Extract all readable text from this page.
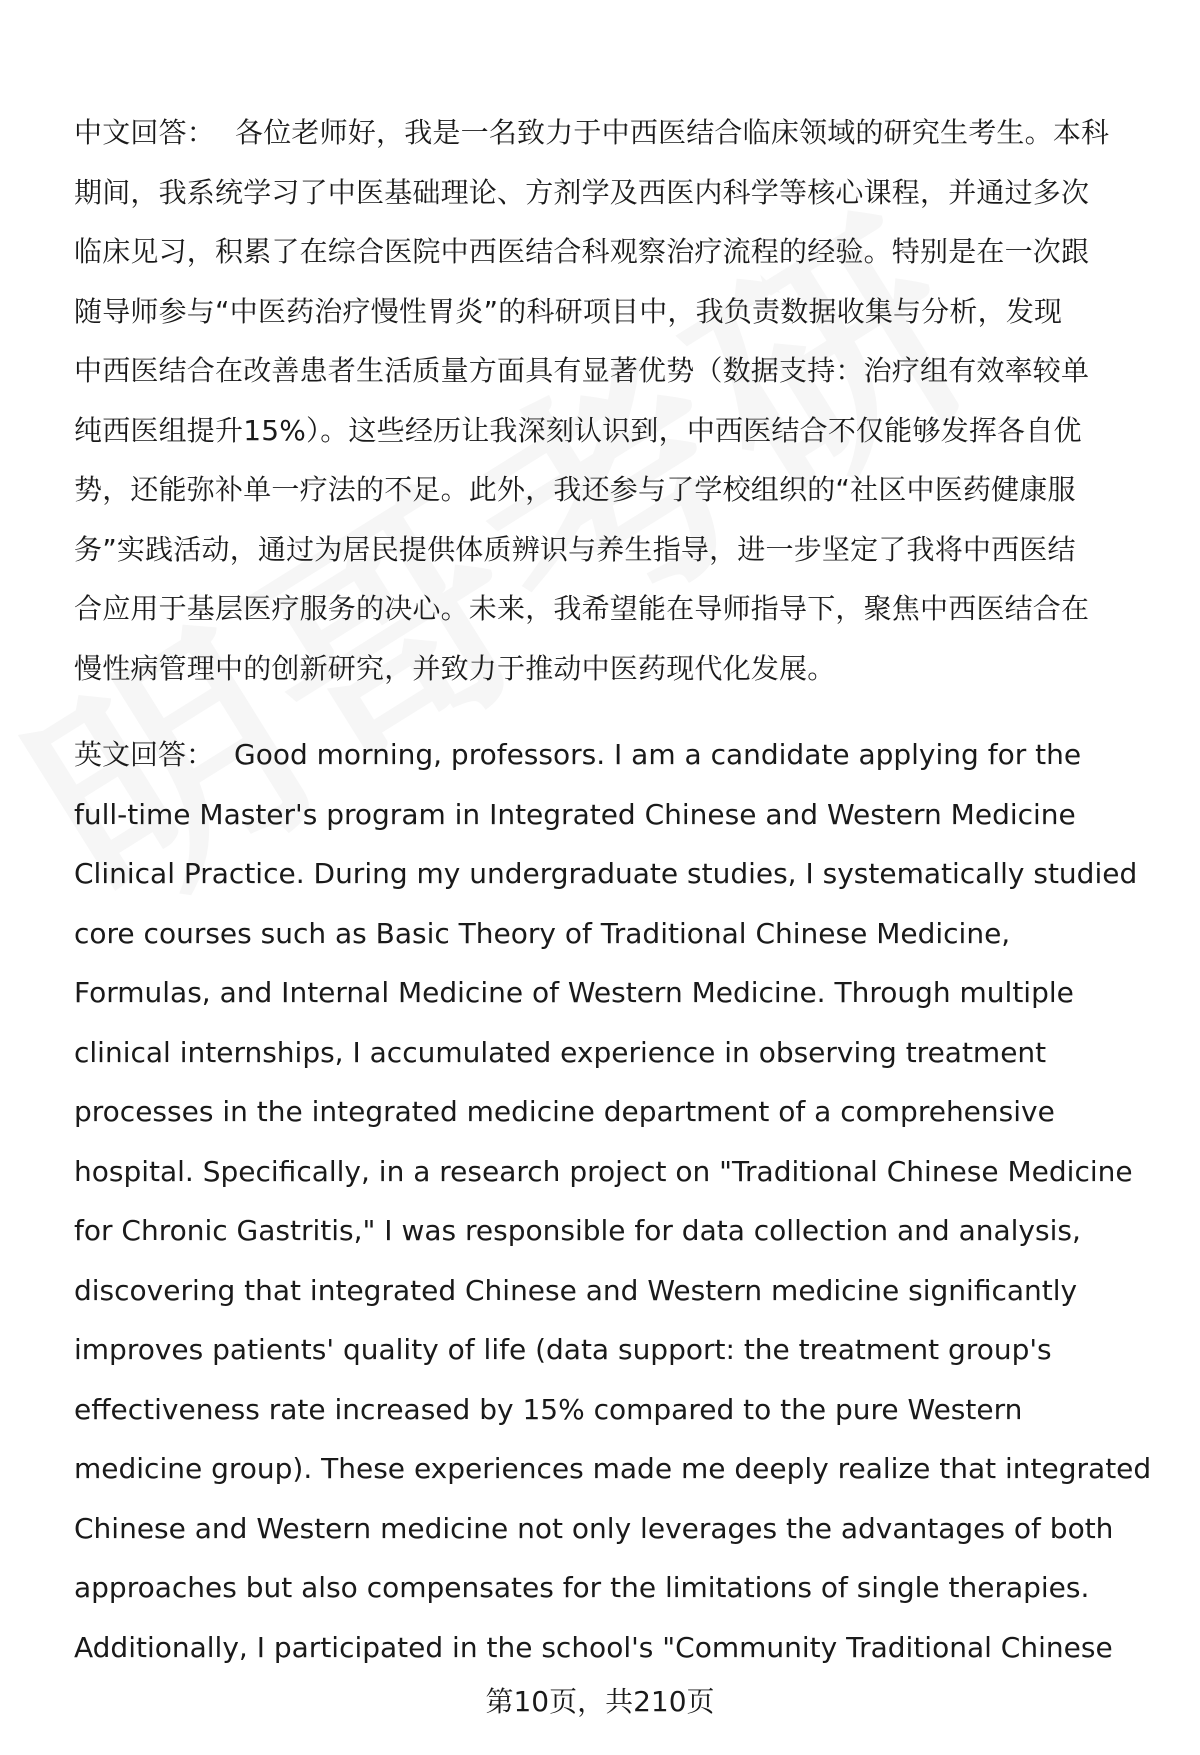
中文回答： 各位老师好，我是一名致力于中西医结合临床领域的研究生考生。本科
期间，我系统学习了中医基础理论、方剂学及西医内科学等核心课程，并通过多次
临床见习，积累了在综合医院中西医结合科观察治疗流程的经验。特别是在一次跟
随导师参与“中医药治疗慢性胃炎”的科研项目中，我负责数据收集与分析，发现
中西医结合在改善患者生活质量方面具有显著优势（数据支持：治疗组有效率较单
纯西医组提升15%）。这些经历让我深刻认识到，中西医结合不仅能够发挥各自优
势，还能弥补单一疗法的不足。此外，我还参与了学校组织的“社区中医药健康服
务”实践活动，通过为居民提供体质辨识与养生指导，进一步坚定了我将中西医结
合应用于基层医疗服务的决心。未来，我希望能在导师指导下，聚焦中西医结合在
慢性病管理中的创新研究，并致力于推动中医药现代化发展。
英文回答： Good morning, professors. I am a candidate applying for the
full-time Master's program in Integrated Chinese and Western Medicine
Clinical Practice. During my undergraduate studies, I systematically studied
core courses such as Basic Theory of Traditional Chinese Medicine,
Formulas, and Internal Medicine of Western Medicine. Through multiple
clinical internships, I accumulated experience in observing treatment
processes in the integrated medicine department of a comprehensive
hospital. Specifically, in a research project on "Traditional Chinese Medicine
for Chronic Gastritis," I was responsible for data collection and analysis,
discovering that integrated Chinese and Western medicine significantly
improves patients' quality of life (data support: the treatment group's
effectiveness rate increased by 15% compared to the pure Western
medicine group). These experiences made me deeply realize that integrated
Chinese and Western medicine not only leverages the advantages of both
approaches but also compensates for the limitations of single therapies.
Additionally, I participated in the school's "Community Traditional Chinese
第10页，共210页
